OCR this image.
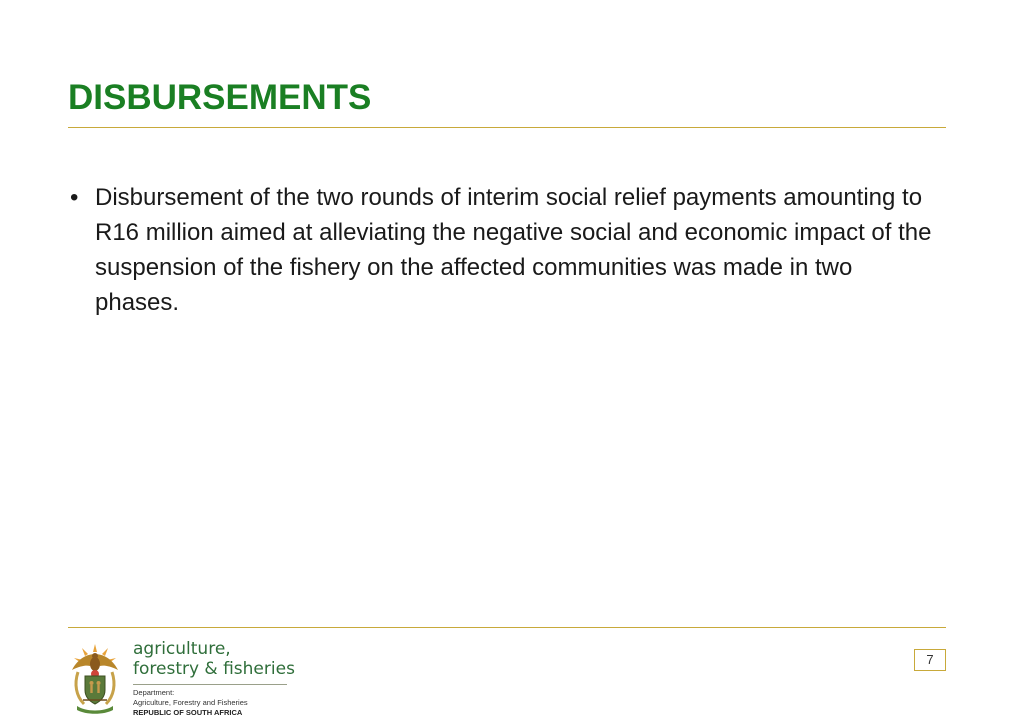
DISBURSEMENTS
• Disbursement of the two rounds of interim social relief payments amounting to R16 million aimed at alleviating the negative social and economic impact of the suspension of the fishery on the affected communities was made in two phases.
agriculture,
forestry & fisheries
Department:
Agriculture, Forestry and Fisheries
REPUBLIC OF SOUTH AFRICA
7
